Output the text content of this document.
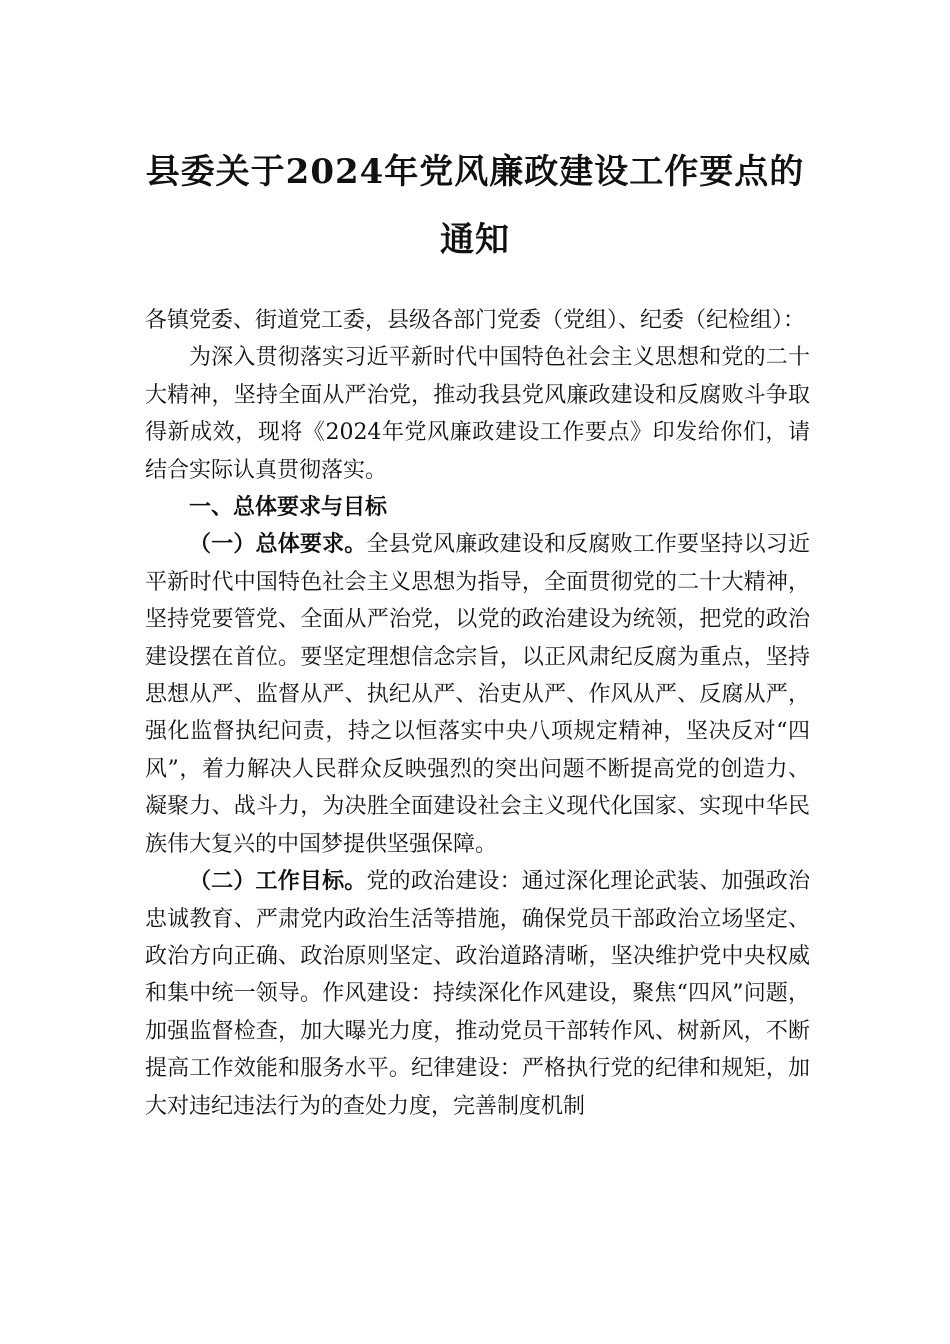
县委关于2024年党风廉政建设工作要点的
通知

各镇党委、街道党工委，县级各部门党委（党组）、纪委（纪检组）：

为深入贯彻落实习近平新时代中国特色社会主义思想和党的二十大精神，坚持全面从严治党，推动我县党风廉政建设和反腐败斗争取得新成效，现将《2024年党风廉政建设工作要点》印发给你们，请结合实际认真贯彻落实。

一、总体要求与目标

（一）总体要求。全县党风廉政建设和反腐败工作要坚持以习近平新时代中国特色社会主义思想为指导，全面贯彻党的二十大精神，坚持党要管党、全面从严治党，以党的政治建设为统领，把党的政治建设摆在首位。要坚定理想信念宗旨，以正风肃纪反腐为重点，坚持思想从严、监督从严、执纪从严、治吏从严、作风从严、反腐从严，强化监督执纪问责，持之以恒落实中央八项规定精神，坚决反对“四风”，着力解决人民群众反映强烈的突出问题不断提高党的创造力、凝聚力、战斗力，为决胜全面建设社会主义现代化国家、实现中华民族伟大复兴的中国梦提供坚强保障。

（二）工作目标。党的政治建设：通过深化理论武装、加强政治忠诚教育、严肃党内政治生活等措施，确保党员干部政治立场坚定、政治方向正确、政治原则坚定、政治道路清晰，坚决维护党中央权威和集中统一领导。作风建设：持续深化作风建设，聚焦“四风”问题，加强监督检查，加大曝光力度，推动党员干部转作风、树新风，不断提高工作效能和服务水平。纪律建设：严格执行党的纪律和规矩，加大对违纪违法行为的查处力度，完善制度机制
